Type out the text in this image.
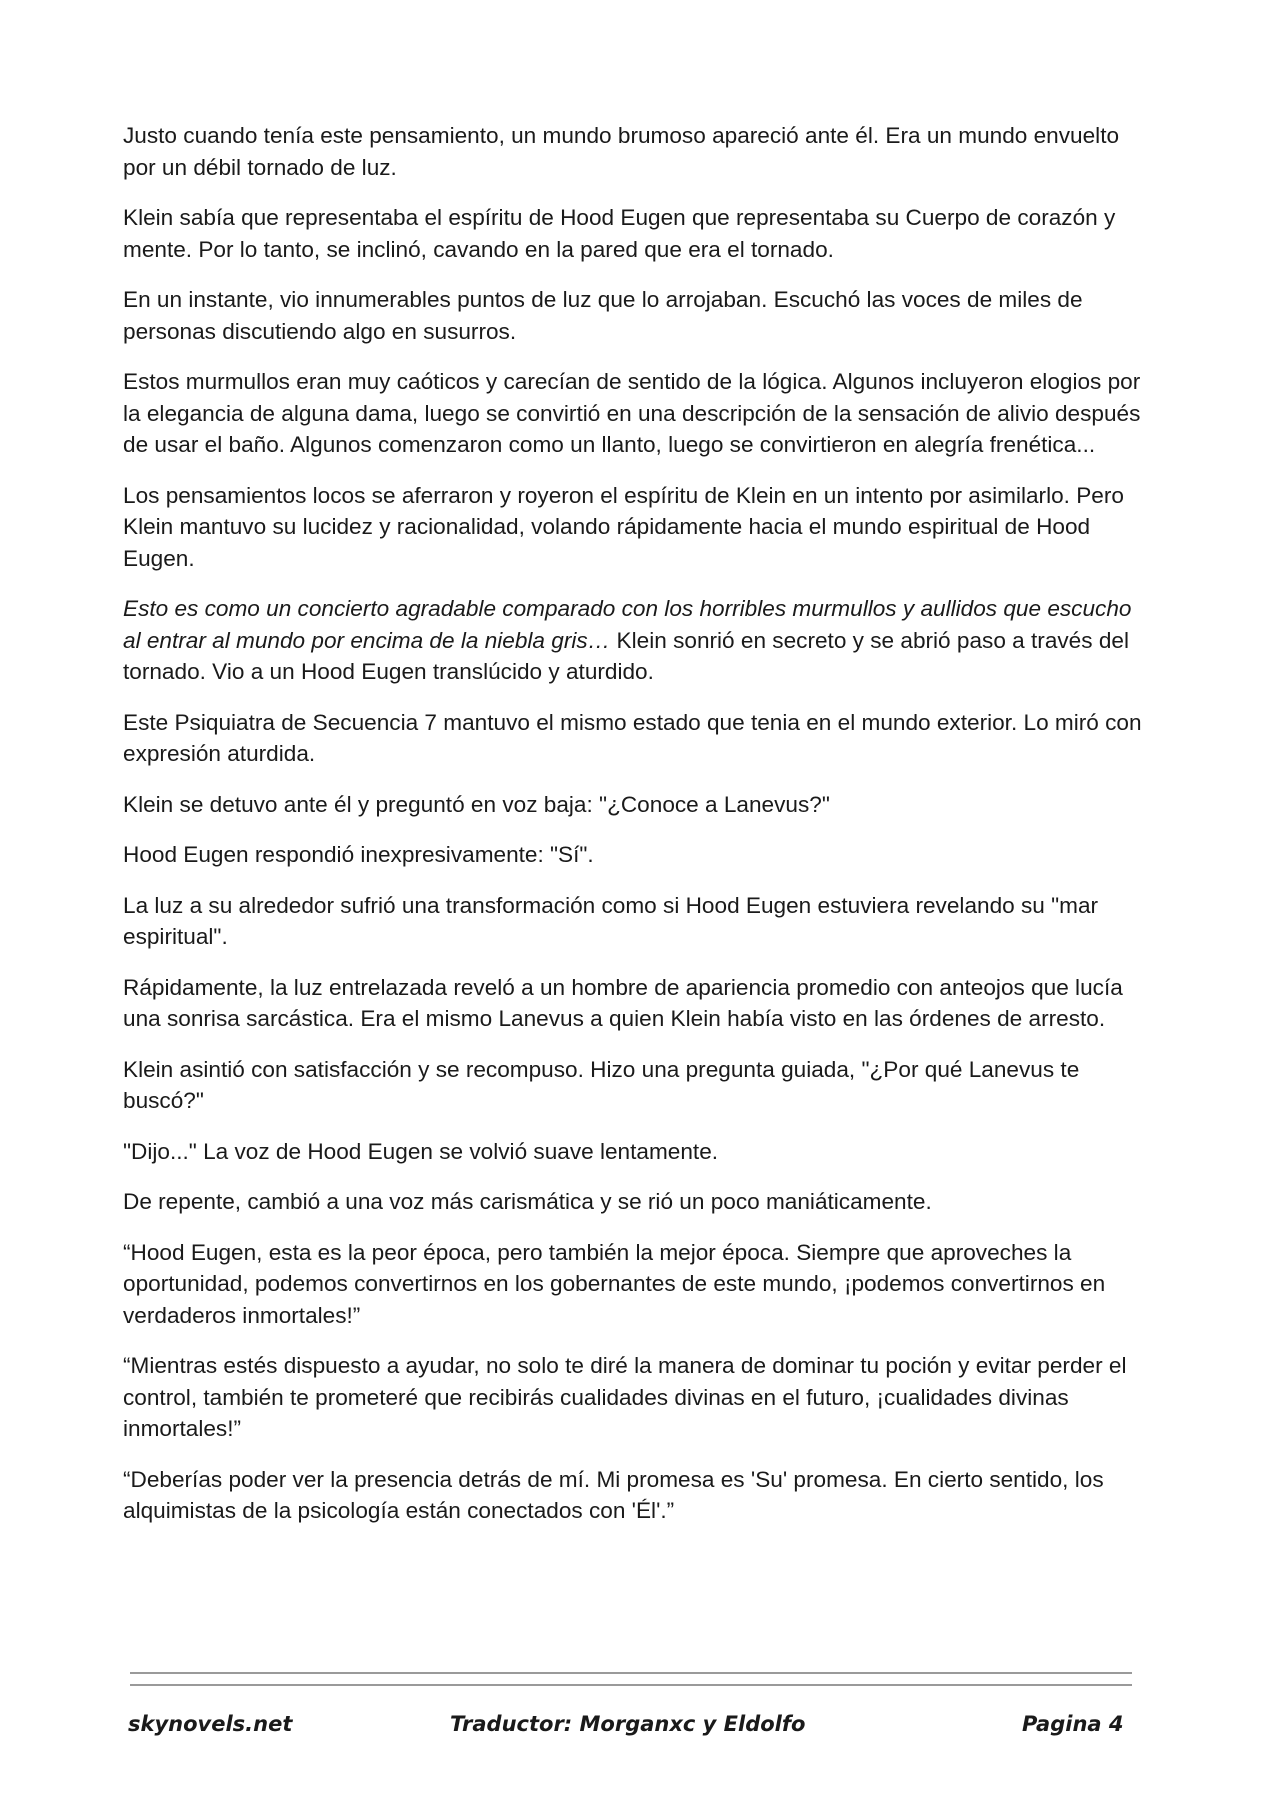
Justo cuando tenía este pensamiento, un mundo brumoso apareció ante él. Era un mundo envuelto por un débil tornado de luz.

Klein sabía que representaba el espíritu de Hood Eugen que representaba su Cuerpo de corazón y mente. Por lo tanto, se inclinó, cavando en la pared que era el tornado.

En un instante, vio innumerables puntos de luz que lo arrojaban. Escuchó las voces de miles de personas discutiendo algo en susurros.

Estos murmullos eran muy caóticos y carecían de sentido de la lógica. Algunos incluyeron elogios por la elegancia de alguna dama, luego se convirtió en una descripción de la sensación de alivio después de usar el baño. Algunos comenzaron como un llanto, luego se convirtieron en alegría frenética...

Los pensamientos locos se aferraron y royeron el espíritu de Klein en un intento por asimilarlo. Pero Klein mantuvo su lucidez y racionalidad, volando rápidamente hacia el mundo espiritual de Hood Eugen.

Esto es como un concierto agradable comparado con los horribles murmullos y aullidos que escucho al entrar al mundo por encima de la niebla gris… Klein sonrió en secreto y se abrió paso a través del tornado. Vio a un Hood Eugen translúcido y aturdido.

Este Psiquiatra de Secuencia 7 mantuvo el mismo estado que tenia en el mundo exterior. Lo miró con expresión aturdida.

Klein se detuvo ante él y preguntó en voz baja: "¿Conoce a Lanevus?"

Hood Eugen respondió inexpresivamente: "Sí".

La luz a su alrededor sufrió una transformación como si Hood Eugen estuviera revelando su "mar espiritual".

Rápidamente, la luz entrelazada reveló a un hombre de apariencia promedio con anteojos que lucía una sonrisa sarcástica. Era el mismo Lanevus a quien Klein había visto en las órdenes de arresto.

Klein asintió con satisfacción y se recompuso. Hizo una pregunta guiada, "¿Por qué Lanevus te buscó?"

"Dijo..." La voz de Hood Eugen se volvió suave lentamente.

De repente, cambió a una voz más carismática y se rió un poco maniáticamente.

“Hood Eugen, esta es la peor época, pero también la mejor época. Siempre que aproveches la oportunidad, podemos convertirnos en los gobernantes de este mundo, ¡podemos convertirnos en verdaderos inmortales!”

“Mientras estés dispuesto a ayudar, no solo te diré la manera de dominar tu poción y evitar perder el control, también te prometeré que recibirás cualidades divinas en el futuro, ¡cualidades divinas inmortales!”

“Deberías poder ver la presencia detrás de mí. Mi promesa es 'Su' promesa. En cierto sentido, los alquimistas de la psicología están conectados con 'Él'.”

skynovels.net	Traductor: Morganxc y Eldolfo	Pagina 4
